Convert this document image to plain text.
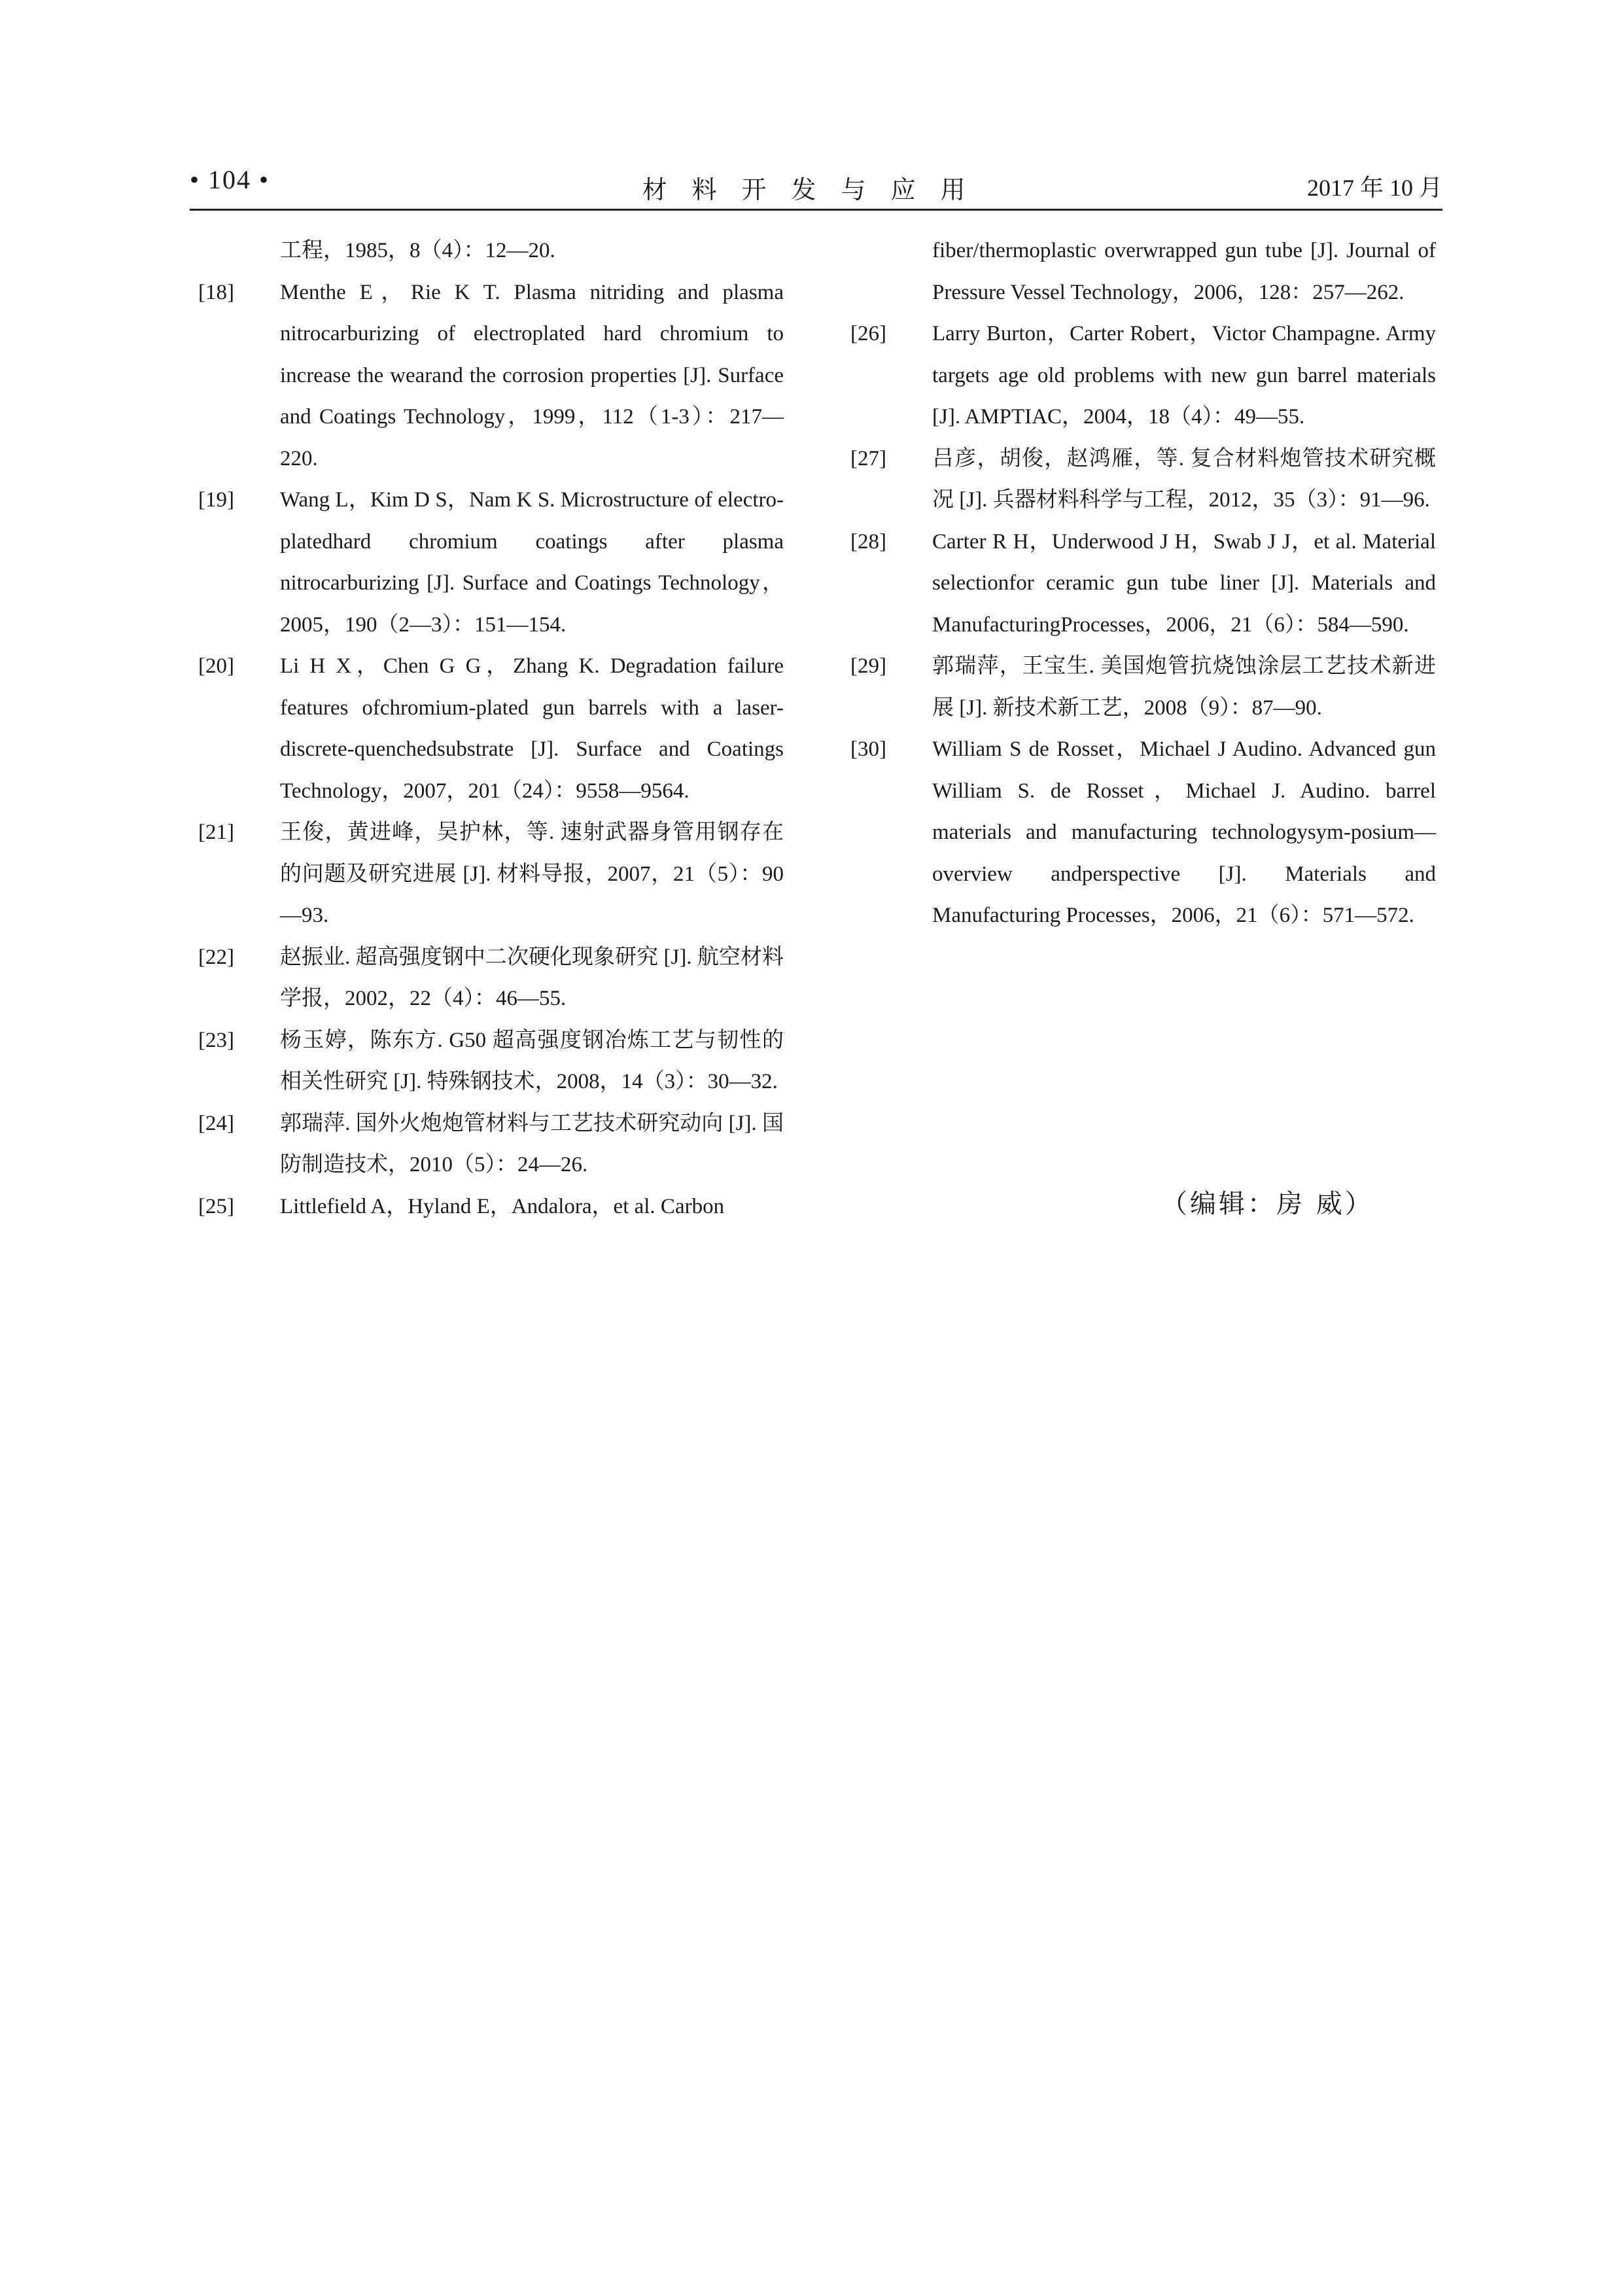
• 104 •	材料开发与应用	2017 年 10 月
工程，1985，8（4）：12—20.
[18] Menthe E，Rie K T. Plasma nitriding and plasma nitrocarburizing of electroplated hard chromium to increase the wearand the corrosion properties [J]. Surface and Coatings Technology，1999，112（1-3）：217—220.
[19] Wang L，Kim D S，Nam K S. Microstructure of electro-platedhard chromium coatings after plasma nitrocarburizing [J]. Surface and Coatings Technology，2005，190（2—3）：151—154.
[20] Li H X，Chen G G，Zhang K. Degradation failure features ofchromium-plated gun barrels with a laser-discrete-quenchedsubstrate [J]. Surface and Coatings Technology，2007，201（24）：9558—9564.
[21] 王俊，黄进峰，吴护林，等. 速射武器身管用钢存在的问题及研究进展 [J]. 材料导报，2007，21（5）：90—93.
[22] 赵振业. 超高强度钢中二次硬化现象研究 [J]. 航空材料学报，2002，22（4）：46—55.
[23] 杨玉婷，陈东方. G50 超高强度钢冶炼工艺与韧性的相关性研究 [J]. 特殊钢技术，2008，14（3）：30—32.
[24] 郭瑞萍. 国外火炮炮管材料与工艺技术研究动向 [J]. 国防制造技术，2010（5）：24—26.
[25] Littlefield A，Hyland E，Andalora，et al. Carbon
fiber/thermoplastic overwrapped gun tube [J]. Journal of Pressure Vessel Technology，2006，128：257—262.
[26] Larry Burton，Carter Robert，Victor Champagne. Army targets age old problems with new gun barrel materials [J]. AMPTIAC，2004，18（4）：49—55.
[27] 吕彦，胡俊，赵鸿雁，等. 复合材料炮管技术研究概况 [J]. 兵器材料科学与工程，2012，35（3）：91—96.
[28] Carter R H，Underwood J H，Swab J J，et al. Material selectionfor ceramic gun tube liner [J]. Materials and ManufacturingProcesses，2006，21（6）：584—590.
[29] 郭瑞萍，王宝生. 美国炮管抗烧蚀涂层工艺技术新进展 [J]. 新技术新工艺，2008（9）：87—90.
[30] William S de Rosset，Michael J Audino. Advanced gun William S. de Rosset，Michael J. Audino. barrel materials and manufacturing technologysym-posium—overview andperspective [J]. Materials and Manufacturing Processes，2006，21（6）：571—572.
（编辑：房 威）
